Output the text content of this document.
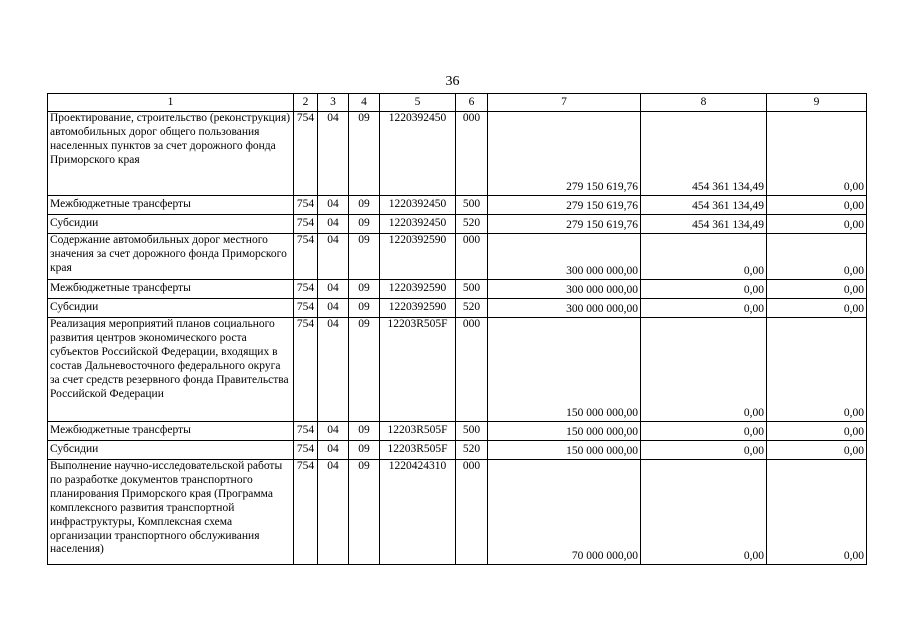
36
1	2	3	4	5	6	7	8	9
Проектирование, строительство (реконструкция) автомобильных дорог общего пользования населенных пунктов за счет дорожного фонда Приморского края	754	04	09	1220392450	000	279 150 619,76	454 361 134,49	0,00
Межбюджетные трансферты	754	04	09	1220392450	500	279 150 619,76	454 361 134,49	0,00
Субсидии	754	04	09	1220392450	520	279 150 619,76	454 361 134,49	0,00
Содержание автомобильных дорог местного значения за счет дорожного фонда Приморского края	754	04	09	1220392590	000	300 000 000,00	0,00	0,00
Межбюджетные трансферты	754	04	09	1220392590	500	300 000 000,00	0,00	0,00
Субсидии	754	04	09	1220392590	520	300 000 000,00	0,00	0,00
Реализация мероприятий планов социального развития центров экономического роста субъектов Российской Федерации, входящих в состав Дальневосточного федерального округа за счет средств резервного фонда Правительства Российской Федерации	754	04	09	12203R505F	000	150 000 000,00	0,00	0,00
Межбюджетные трансферты	754	04	09	12203R505F	500	150 000 000,00	0,00	0,00
Субсидии	754	04	09	12203R505F	520	150 000 000,00	0,00	0,00
Выполнение научно-исследовательской работы по разработке документов транспортного планирования Приморского края (Программа комплексного развития транспортной инфраструктуры, Комплексная схема организации транспортного обслуживания населения)	754	04	09	1220424310	000	70 000 000,00	0,00	0,00
